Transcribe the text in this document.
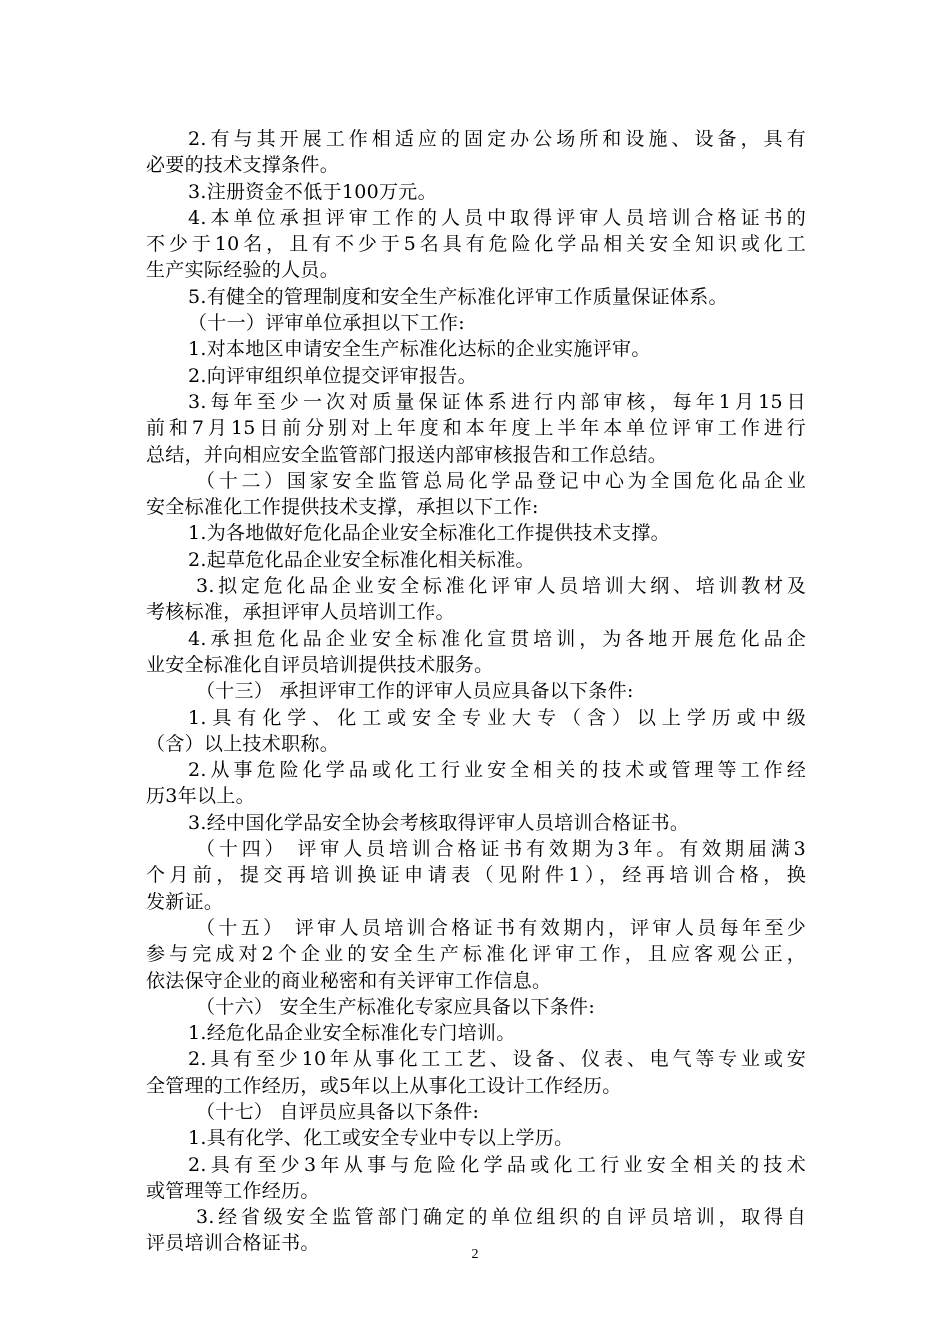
2.有与其开展工作相适应的固定办公场所和设施、设备，具有
必要的技术支撑条件。
3.注册资金不低于100万元。
4.本单位承担评审工作的人员中取得评审人员培训合格证书的
不少于10名，且有不少于5名具有危险化学品相关安全知识或化工
生产实际经验的人员。
5.有健全的管理制度和安全生产标准化评审工作质量保证体系。
（十一）评审单位承担以下工作:
1.对本地区申请安全生产标准化达标的企业实施评审。
2.向评审组织单位提交评审报告。
3.每年至少一次对质量保证体系进行内部审核，每年1月15日
前和7月15日前分别对上年度和本年度上半年本单位评审工作进行
总结，并向相应安全监管部门报送内部审核报告和工作总结。
（十二）国家安全监管总局化学品登记中心为全国危化品企业
安全标准化工作提供技术支撑，承担以下工作:
1.为各地做好危化品企业安全标准化工作提供技术支撑。
2.起草危化品企业安全标准化相关标准。
3.拟定危化品企业安全标准化评审人员培训大纲、培训教材及
考核标准，承担评审人员培训工作。
4.承担危化品企业安全标准化宣贯培训，为各地开展危化品企
业安全标准化自评员培训提供技术服务。
（十三） 承担评审工作的评审人员应具备以下条件:
1.具有化学、化工或安全专业大专（含）以上学历或中级
（含）以上技术职称。
2.从事危险化学品或化工行业安全相关的技术或管理等工作经
历3年以上。
3.经中国化学品安全协会考核取得评审人员培训合格证书。
（十四） 评审人员培训合格证书有效期为3年。有效期届满3
个月前，提交再培训换证申请表（见附件1），经再培训合格，换
发新证。
（十五） 评审人员培训合格证书有效期内，评审人员每年至少
参与完成对2个企业的安全生产标准化评审工作，且应客观公正，
依法保守企业的商业秘密和有关评审工作信息。
（十六） 安全生产标准化专家应具备以下条件:
1.经危化品企业安全标准化专门培训。
2.具有至少10年从事化工工艺、设备、仪表、电气等专业或安
全管理的工作经历，或5年以上从事化工设计工作经历。
（十七） 自评员应具备以下条件:
1.具有化学、化工或安全专业中专以上学历。
2.具有至少3年从事与危险化学品或化工行业安全相关的技术
或管理等工作经历。
3.经省级安全监管部门确定的单位组织的自评员培训，取得自
评员培训合格证书。
2
